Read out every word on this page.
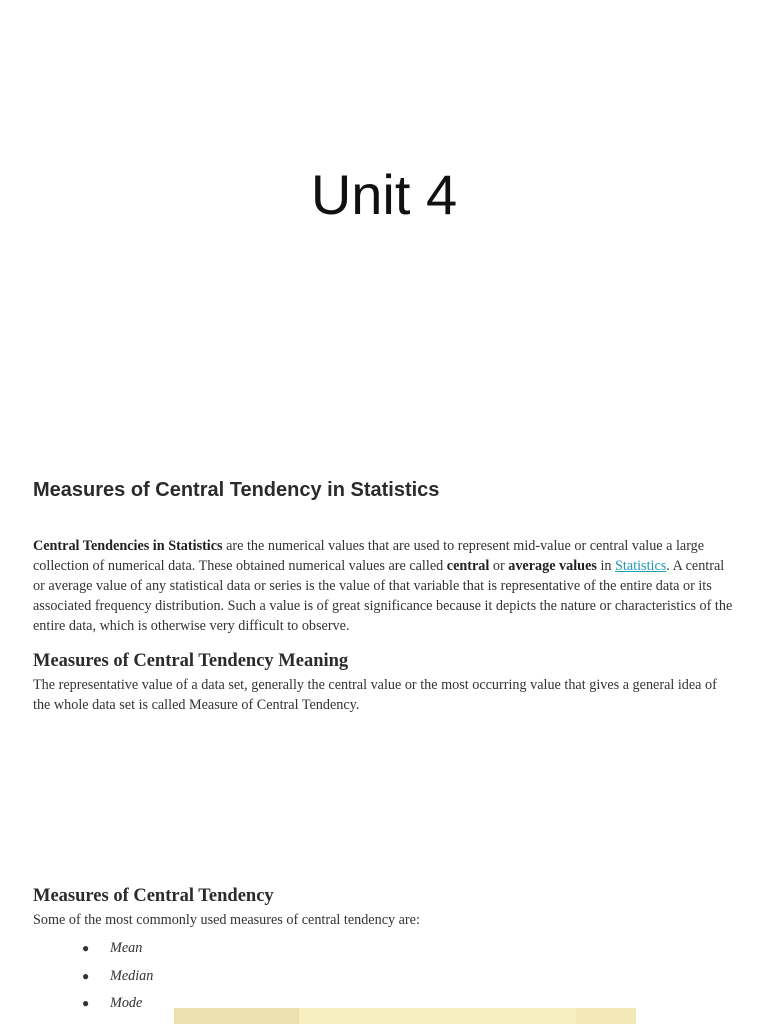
Unit 4
Measures of Central Tendency in Statistics

Central Tendencies in Statistics are the numerical values that are used to represent mid-value or central value a large collection of numerical data. These obtained numerical values are called central or average values in Statistics. A central or average value of any statistical data or series is the value of that variable that is representative of the entire data or its associated frequency distribution. Such a value is of great significance because it depicts the nature or characteristics of the entire data, which is otherwise very difficult to observe.

Measures of Central Tendency Meaning

The representative value of a data set, generally the central value or the most occurring value that gives a general idea of the whole data set is called Measure of Central Tendency.

Measures of Central Tendency

Some of the most commonly used measures of central tendency are:

● Mean
● Median
● Mode
